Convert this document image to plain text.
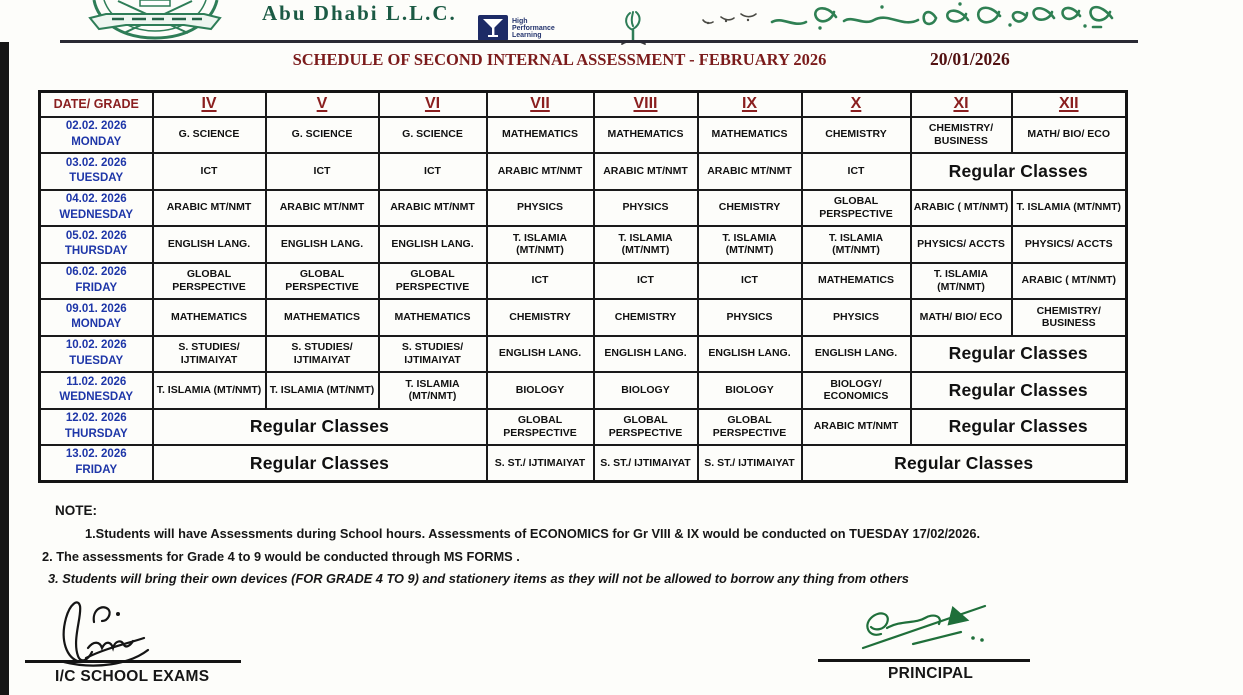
Abu Dhabi L.L.C.	High
Performance
Learning
SCHEDULE OF SECOND INTERNAL ASSESSMENT - FEBRUARY 2026	20/01/2026
DATE/ GRADE	IV	V	VI	VII	VIII	IX	X	XI	XII

02.02. 2026
MONDAY	G. SCIENCE	G. SCIENCE	G. SCIENCE	MATHEMATICS	MATHEMATICS	MATHEMATICS	CHEMISTRY	CHEMISTRY/ BUSINESS	MATH/ BIO/ ECO

03.02. 2026
TUESDAY	ICT	ICT	ICT	ARABIC MT/NMT	ARABIC MT/NMT	ARABIC MT/NMT	ICT	Regular Classes	

04.02. 2026
WEDNESDAY	ARABIC MT/NMT	ARABIC MT/NMT	ARABIC MT/NMT	PHYSICS	PHYSICS	CHEMISTRY	GLOBAL PERSPECTIVE	ARABIC ( MT/NMT)	T. ISLAMIA (MT/NMT)

05.02. 2026
THURSDAY	ENGLISH LANG.	ENGLISH LANG.	ENGLISH LANG.	T. ISLAMIA (MT/NMT)	T. ISLAMIA (MT/NMT)	T. ISLAMIA (MT/NMT)	T. ISLAMIA (MT/NMT)	PHYSICS/ ACCTS	PHYSICS/ ACCTS

06.02. 2026
FRIDAY	GLOBAL PERSPECTIVE	GLOBAL PERSPECTIVE	GLOBAL PERSPECTIVE	ICT	ICT	ICT	MATHEMATICS	T. ISLAMIA (MT/NMT)	ARABIC ( MT/NMT)

09.01. 2026
MONDAY	MATHEMATICS	MATHEMATICS	MATHEMATICS	CHEMISTRY	CHEMISTRY	PHYSICS	PHYSICS	MATH/ BIO/ ECO	CHEMISTRY/ BUSINESS

10.02. 2026
TUESDAY	S. STUDIES/ IJTIMAIYAT	S. STUDIES/ IJTIMAIYAT	S. STUDIES/ IJTIMAIYAT	ENGLISH LANG.	ENGLISH LANG.	ENGLISH LANG.	ENGLISH LANG.	Regular Classes	

11.02. 2026
WEDNESDAY	T. ISLAMIA (MT/NMT)	T. ISLAMIA (MT/NMT)	T. ISLAMIA (MT/NMT)	BIOLOGY	BIOLOGY	BIOLOGY	BIOLOGY/ ECONOMICS	Regular Classes	

12.02. 2026
THURSDAY	Regular Classes			GLOBAL PERSPECTIVE	GLOBAL PERSPECTIVE	GLOBAL PERSPECTIVE	ARABIC MT/NMT	Regular Classes	

13.02. 2026
FRIDAY	Regular Classes			S. ST./ IJTIMAIYAT	S. ST./ IJTIMAIYAT	S. ST./ IJTIMAIYAT	Regular Classes		
NOTE:
1.Students will have Assessments during School hours. Assessments of ECONOMICS for Gr VIII & IX would be conducted on TUESDAY 17/02/2026.
2. The assessments for Grade 4 to 9 would be conducted through MS FORMS .
3. Students will bring their own devices (FOR GRADE 4 TO 9) and stationery items as they will not be allowed to borrow any thing from others
I/C SCHOOL EXAMS	PRINCIPAL
